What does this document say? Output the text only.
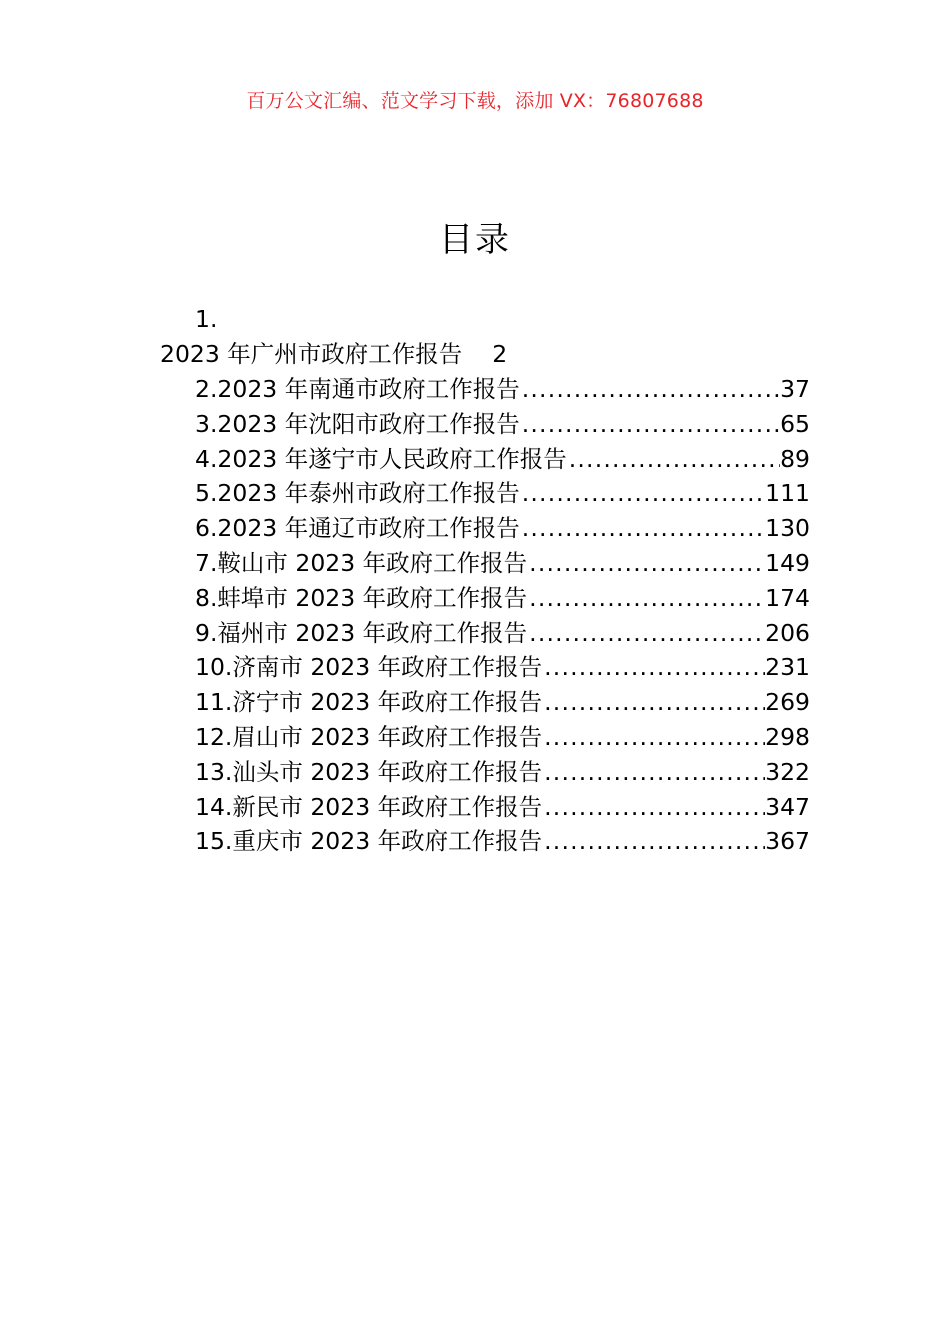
百万公文汇编、范文学习下载，添加 VX：76807688
目录
1.
2023 年广州市政府工作报告 2
2.2023 年南通市政府工作报告 .....	37
3.2023 年沈阳市政府工作报告 .....	65
4.2023 年遂宁市人民政府工作报告 .....	89
5.2023 年泰州市政府工作报告 .....	111
6.2023 年通辽市政府工作报告 .....	130
7.鞍山市 2023 年政府工作报告 .....	149
8.蚌埠市 2023 年政府工作报告 .....	174
9.福州市 2023 年政府工作报告 .....	206
10.济南市 2023 年政府工作报告 .....	231
11.济宁市 2023 年政府工作报告 .....	269
12.眉山市 2023 年政府工作报告 .....	298
13.汕头市 2023 年政府工作报告 .....	322
14.新民市 2023 年政府工作报告 .....	347
15.重庆市 2023 年政府工作报告 .....	367
